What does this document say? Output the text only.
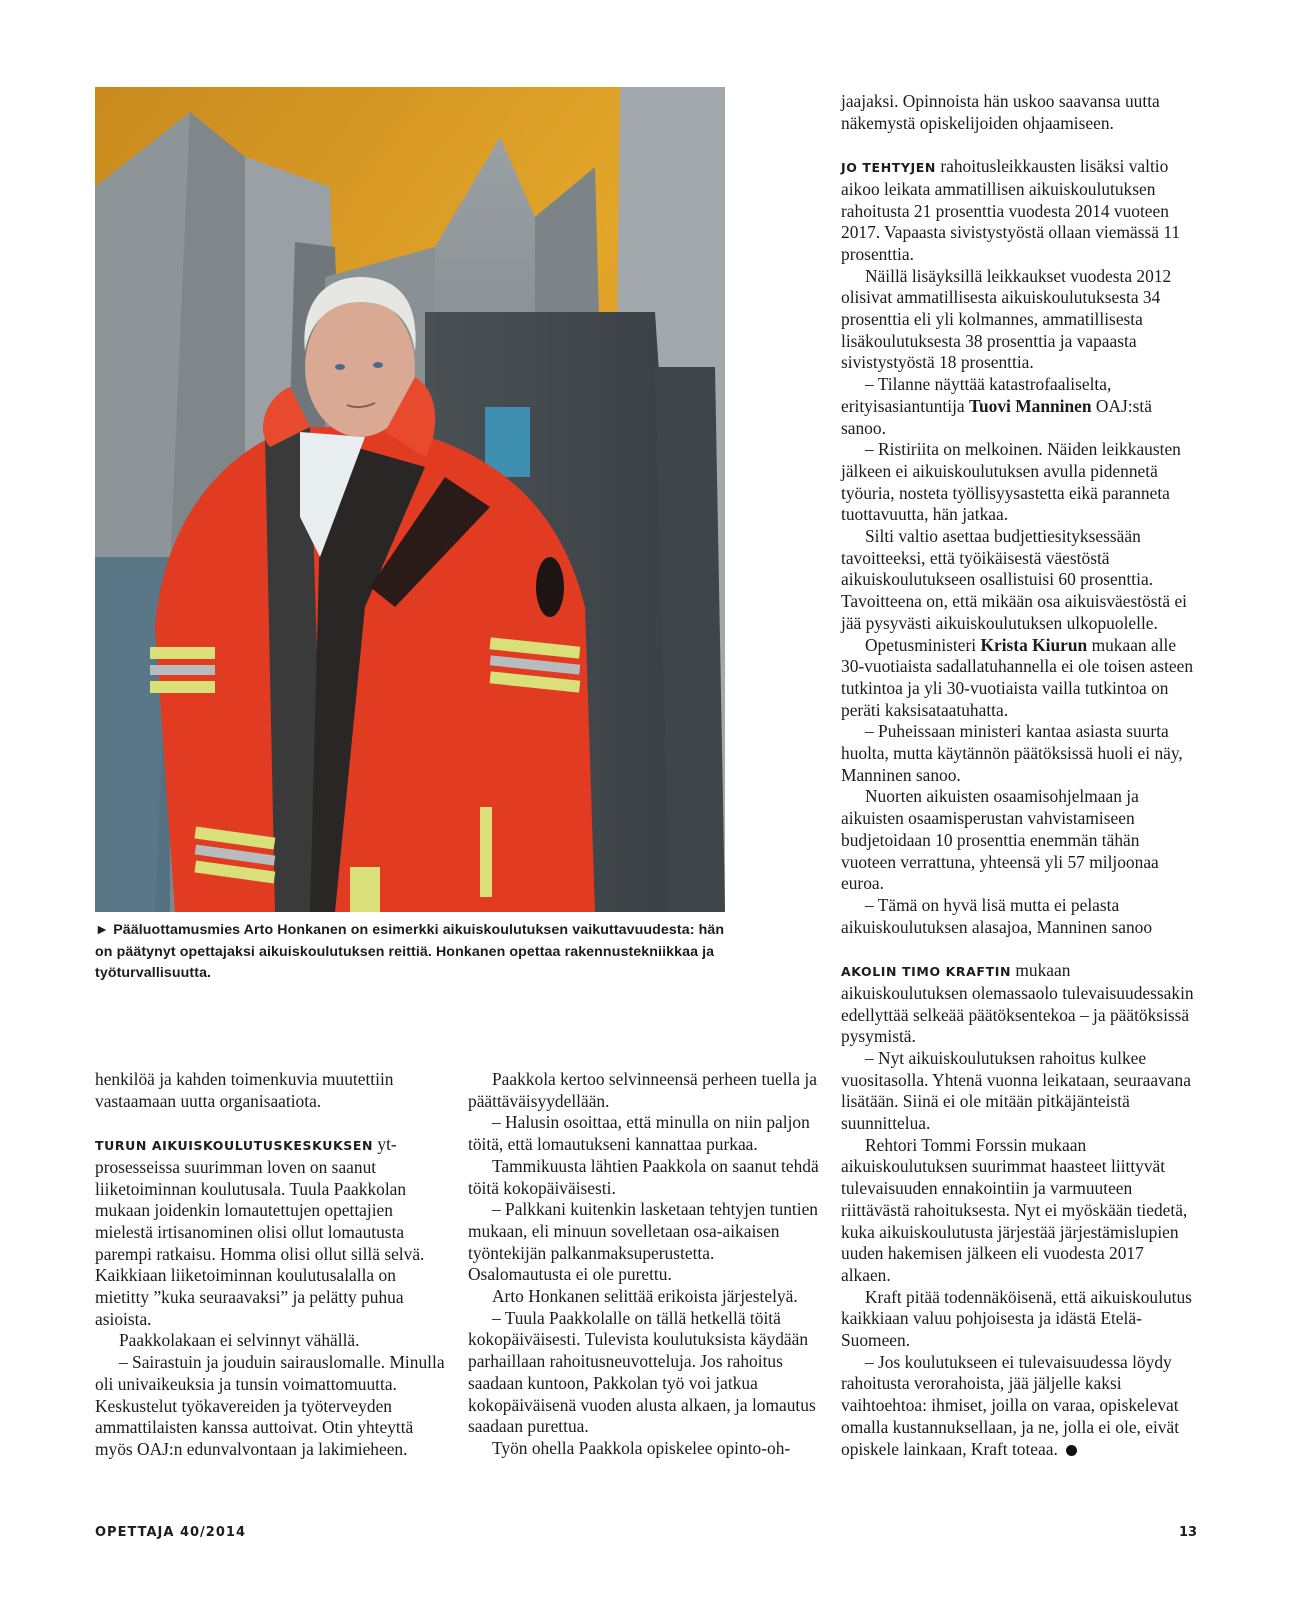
► Pääluottamusmies Arto Honkanen on esimerkki aikuiskoulutuksen vaikuttavuudesta: hän on päätynyt opettajaksi aikuiskoulutuksen reittiä. Honkanen opettaa rakennustekniikkaa ja työturvallisuutta.

henkilöä ja kahden toimenkuvia muutettiin vastaamaan uutta organisaatiota.

TURUN AIKUISKOULUTUSKESKUKSEN yt-prosesseissa suurimman loven on saanut liiketoiminnan koulutusala. Tuula Paakkolan mukaan joidenkin lomautettujen opettajien mielestä irtisanominen olisi ollut lomautusta parempi ratkaisu. Homma olisi ollut sillä selvä. Kaikkiaan liiketoiminnan koulutusalalla on mietitty ”kuka seuraavaksi” ja pelätty puhua asioista.

Paakkolakaan ei selvinnyt vähällä.

– Sairastuin ja jouduin sairauslomalle. Minulla oli univaikeuksia ja tunsin voimattomuutta. Keskustelut työkavereiden ja työterveyden ammattilaisten kanssa auttoivat. Otin yhteyttä myös OAJ:n edunvalvontaan ja lakimieheen.

Paakkola kertoo selvinneensä perheen tuella ja päättäväisyydellään.

– Halusin osoittaa, että minulla on niin paljon töitä, että lomautukseni kannattaa purkaa.

Tammikuusta lähtien Paakkola on saanut tehdä töitä kokopäiväisesti.

– Palkkani kuitenkin lasketaan tehtyjen tuntien mukaan, eli minuun sovelletaan osa-aikaisen työntekijän palkanmaksuperustetta. Osalomautusta ei ole purettu.

Arto Honkanen selittää erikoista järjestelyä.

– Tuula Paakkolalle on tällä hetkellä töitä kokopäiväisesti. Tulevista koulutuksista käydään parhaillaan rahoitusneuvotteluja. Jos rahoitus saadaan kuntoon, Pakkolan työ voi jatkua kokopäiväisenä vuoden alusta alkaen, ja lomautus saadaan purettua.

Työn ohella Paakkola opiskelee opinto-oh-

jaajaksi. Opinnoista hän uskoo saavansa uutta näkemystä opiskelijoiden ohjaamiseen.

JO TEHTYJEN rahoitusleikkausten lisäksi valtio aikoo leikata ammatillisen aikuiskoulutuksen rahoitusta 21 prosenttia vuodesta 2014 vuoteen 2017. Vapaasta sivistystyöstä ollaan viemässä 11 prosenttia.

Näillä lisäyksillä leikkaukset vuodesta 2012 olisivat ammatillisesta aikuiskoulutuksesta 34 prosenttia eli yli kolmannes, ammatillisesta lisäkoulutuksesta 38 prosenttia ja vapaasta sivistystyöstä 18 prosenttia.

– Tilanne näyttää katastrofaaliselta, erityisasiantuntija Tuovi Manninen OAJ:stä sanoo.

– Ristiriita on melkoinen. Näiden leikkausten jälkeen ei aikuiskoulutuksen avulla pidennetä työuria, nosteta työllisyysastetta eikä paranneta tuottavuutta, hän jatkaa.

Silti valtio asettaa budjettiesityksessään tavoitteeksi, että työikäisestä väestöstä aikuiskoulutukseen osallistuisi 60 prosenttia. Tavoitteena on, että mikään osa aikuisväestöstä ei jää pysyvästi aikuiskoulutuksen ulkopuolelle.

Opetusministeri Krista Kiurun mukaan alle 30-vuotiaista sadallatuhannella ei ole toisen asteen tutkintoa ja yli 30-vuotiaista vailla tutkintoa on peräti kaksisataatuhatta.

– Puheissaan ministeri kantaa asiasta suurta huolta, mutta käytännön päätöksissä huoli ei näy, Manninen sanoo.

Nuorten aikuisten osaamisohjelmaan ja aikuisten osaamisperustan vahvistamiseen budjetoidaan 10 prosenttia enemmän tähän vuoteen verrattuna, yhteensä yli 57 miljoonaa euroa.

– Tämä on hyvä lisä mutta ei pelasta aikuiskoulutuksen alasajoa, Manninen sanoo

AKOLIN TIMO KRAFTIN mukaan aikuiskoulutuksen olemassaolo tulevaisuudessakin edellyttää selkeää päätöksentekoa – ja päätöksissä pysymistä.

– Nyt aikuiskoulutuksen rahoitus kulkee vuositasolla. Yhtenä vuonna leikataan, seuraavana lisätään. Siinä ei ole mitään pitkäjänteistä suunnittelua.

Rehtori Tommi Forssin mukaan aikuiskoulutuksen suurimmat haasteet liittyvät tulevaisuuden ennakointiin ja varmuuteen riittävästä rahoituksesta. Nyt ei myöskään tiedetä, kuka aikuiskoulutusta järjestää järjestämislupien uuden hakemisen jälkeen eli vuodesta 2017 alkaen.

Kraft pitää todennäköisenä, että aikuiskoulutus kaikkiaan valuu pohjoisesta ja idästä Etelä-Suomeen.

– Jos koulutukseen ei tulevaisuudessa löydy rahoitusta verorahoista, jää jäljelle kaksi vaihtoehtoa: ihmiset, joilla on varaa, opiskelevat omalla kustannuksellaan, ja ne, jolla ei ole, eivät opiskele lainkaan, Kraft toteaa.

OPETTAJA 40/2014	13
